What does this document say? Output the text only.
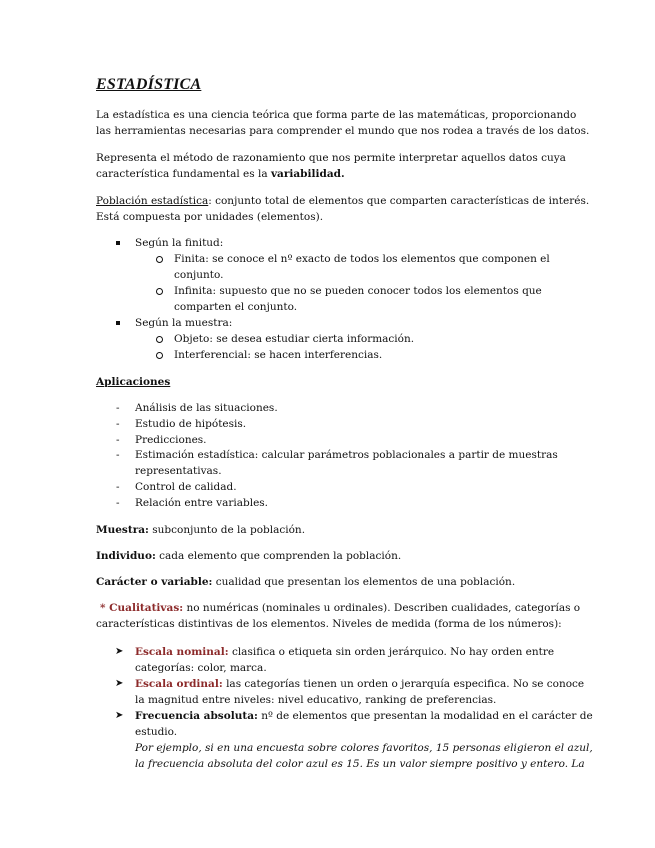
ESTADÍSTICA
La estadística es una ciencia teórica que forma parte de las matemáticas, proporcionando
las herramientas necesarias para comprender el mundo que nos rodea a través de los datos.
Representa el método de razonamiento que nos permite interpretar aquellos datos cuya
característica fundamental es la variabilidad.
Población estadística: conjunto total de elementos que comparten características de interés.
Está compuesta por unidades (elementos).
Según la finitud:
Finita: se conoce el nº exacto de todos los elementos que componen el
conjunto.
Infinita: supuesto que no se pueden conocer todos los elementos que
comparten el conjunto.
Según la muestra:
Objeto: se desea estudiar cierta información.
Interferencial: se hacen interferencias.
Aplicaciones
- Análisis de las situaciones.
- Estudio de hipótesis.
- Predicciones.
- Estimación estadística: calcular parámetros poblacionales a partir de muestras
representativas.
- Control de calidad.
- Relación entre variables.
Muestra: subconjunto de la población.
Individuo: cada elemento que comprenden la población.
Carácter o variable: cualidad que presentan los elementos de una población.
* Cualitativas: no numéricas (nominales u ordinales). Describen cualidades, categorías o
características distintivas de los elementos. Niveles de medida (forma de los números):
➤ Escala nominal: clasifica o etiqueta sin orden jerárquico. No hay orden entre
categorías: color, marca.
➤ Escala ordinal: las categorías tienen un orden o jerarquía especifica. No se conoce
la magnitud entre niveles: nivel educativo, ranking de preferencias.
➤ Frecuencia absoluta: nº de elementos que presentan la modalidad en el carácter de
estudio.
Por ejemplo, si en una encuesta sobre colores favoritos, 15 personas eligieron el azul,
la frecuencia absoluta del color azul es 15. Es un valor siempre positivo y entero. La
